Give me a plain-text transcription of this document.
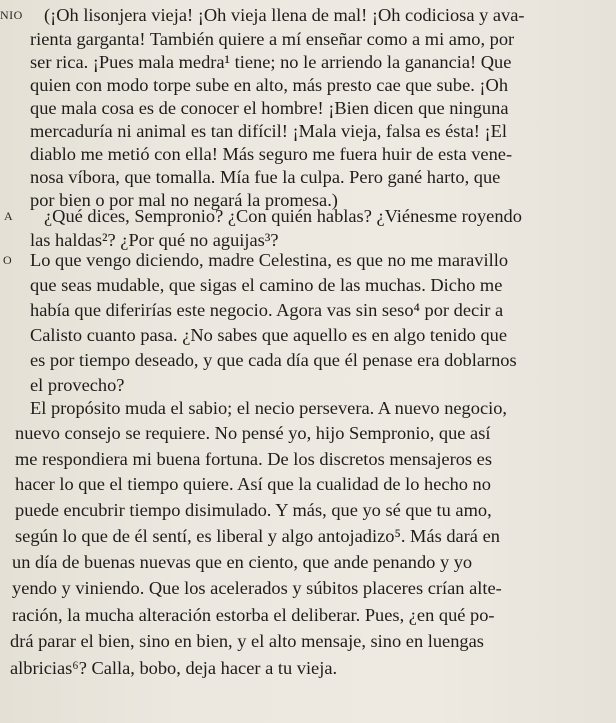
NIO
A
O
(¡Oh lisonjera vieja! ¡Oh vieja llena de mal! ¡Oh codiciosa y ava-
rienta garganta! También quiere a mí enseñar como a mi amo, por
ser rica. ¡Pues mala medra¹ tiene; no le arriendo la ganancia! Que
quien con modo torpe sube en alto, más presto cae que sube. ¡Oh
que mala cosa es de conocer el hombre! ¡Bien dicen que ninguna
mercaduría ni animal es tan difícil! ¡Mala vieja, falsa es ésta! ¡El
diablo me metió con ella! Más seguro me fuera huir de esta vene-
nosa víbora, que tomalla. Mía fue la culpa. Pero gané harto, que
por bien o por mal no negará la promesa.)
¿Qué dices, Sempronio? ¿Con quién hablas? ¿Viénesme royendo
las haldas²? ¿Por qué no aguijas³?
Lo que vengo diciendo, madre Celestina, es que no me maravillo
que seas mudable, que sigas el camino de las muchas. Dicho me
había que diferirías este negocio. Agora vas sin seso⁴ por decir a
Calisto cuanto pasa. ¿No sabes que aquello es en algo tenido que
es por tiempo deseado, y que cada día que él penase era doblarnos
el provecho?
El propósito muda el sabio; el necio persevera. A nuevo negocio,
nuevo consejo se requiere. No pensé yo, hijo Sempronio, que así
me respondiera mi buena fortuna. De los discretos mensajeros es
hacer lo que el tiempo quiere. Así que la cualidad de lo hecho no
puede encubrir tiempo disimulado. Y más, que yo sé que tu amo,
según lo que de él sentí, es liberal y algo antojadizo⁵. Más dará en
un día de buenas nuevas que en ciento, que ande penando y yo
yendo y viniendo. Que los acelerados y súbitos placeres crían alte-
ración, la mucha alteración estorba el deliberar. Pues, ¿en qué po-
drá parar el bien, sino en bien, y el alto mensaje, sino en luengas
albricias⁶? Calla, bobo, deja hacer a tu vieja.
